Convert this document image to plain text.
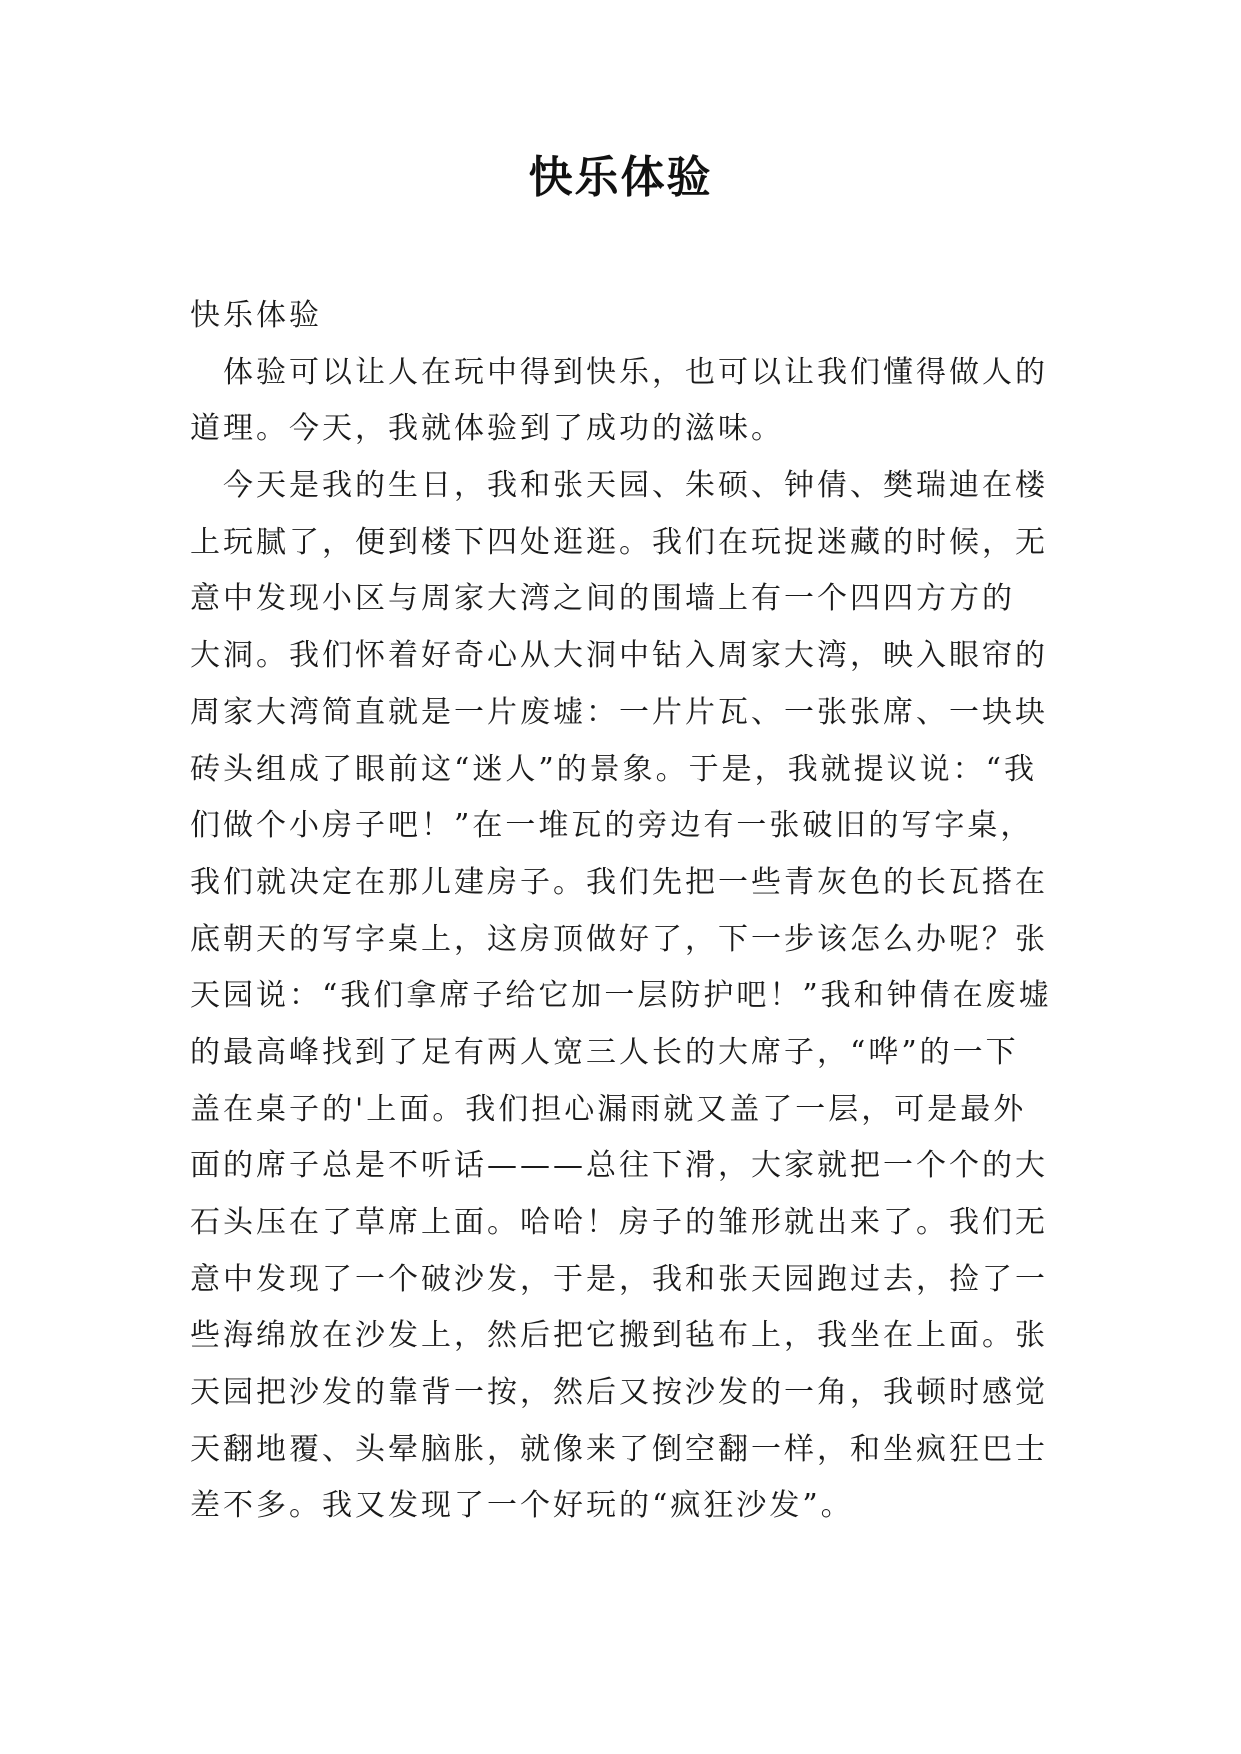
快乐体验
快乐体验
　体验可以让人在玩中得到快乐，也可以让我们懂得做人的
道理。今天，我就体验到了成功的滋味。
　今天是我的生日，我和张天园、朱硕、钟倩、樊瑞迪在楼
上玩腻了，便到楼下四处逛逛。我们在玩捉迷藏的时候，无
意中发现小区与周家大湾之间的围墙上有一个四四方方的
大洞。我们怀着好奇心从大洞中钻入周家大湾，映入眼帘的
周家大湾简直就是一片废墟：一片片瓦、一张张席、一块块
砖头组成了眼前这“迷人”的景象。于是，我就提议说：“我
们做个小房子吧！”在一堆瓦的旁边有一张破旧的写字桌，
我们就决定在那儿建房子。我们先把一些青灰色的长瓦搭在
底朝天的写字桌上，这房顶做好了，下一步该怎么办呢？张
天园说：“我们拿席子给它加一层防护吧！”我和钟倩在废墟
的最高峰找到了足有两人宽三人长的大席子，“哗”的一下
盖在桌子的'上面。我们担心漏雨就又盖了一层，可是最外
面的席子总是不听话———总往下滑，大家就把一个个的大
石头压在了草席上面。哈哈！房子的雏形就出来了。我们无
意中发现了一个破沙发，于是，我和张天园跑过去，捡了一
些海绵放在沙发上，然后把它搬到毡布上，我坐在上面。张
天园把沙发的靠背一按，然后又按沙发的一角，我顿时感觉
天翻地覆、头晕脑胀，就像来了倒空翻一样，和坐疯狂巴士
差不多。我又发现了一个好玩的“疯狂沙发”。
